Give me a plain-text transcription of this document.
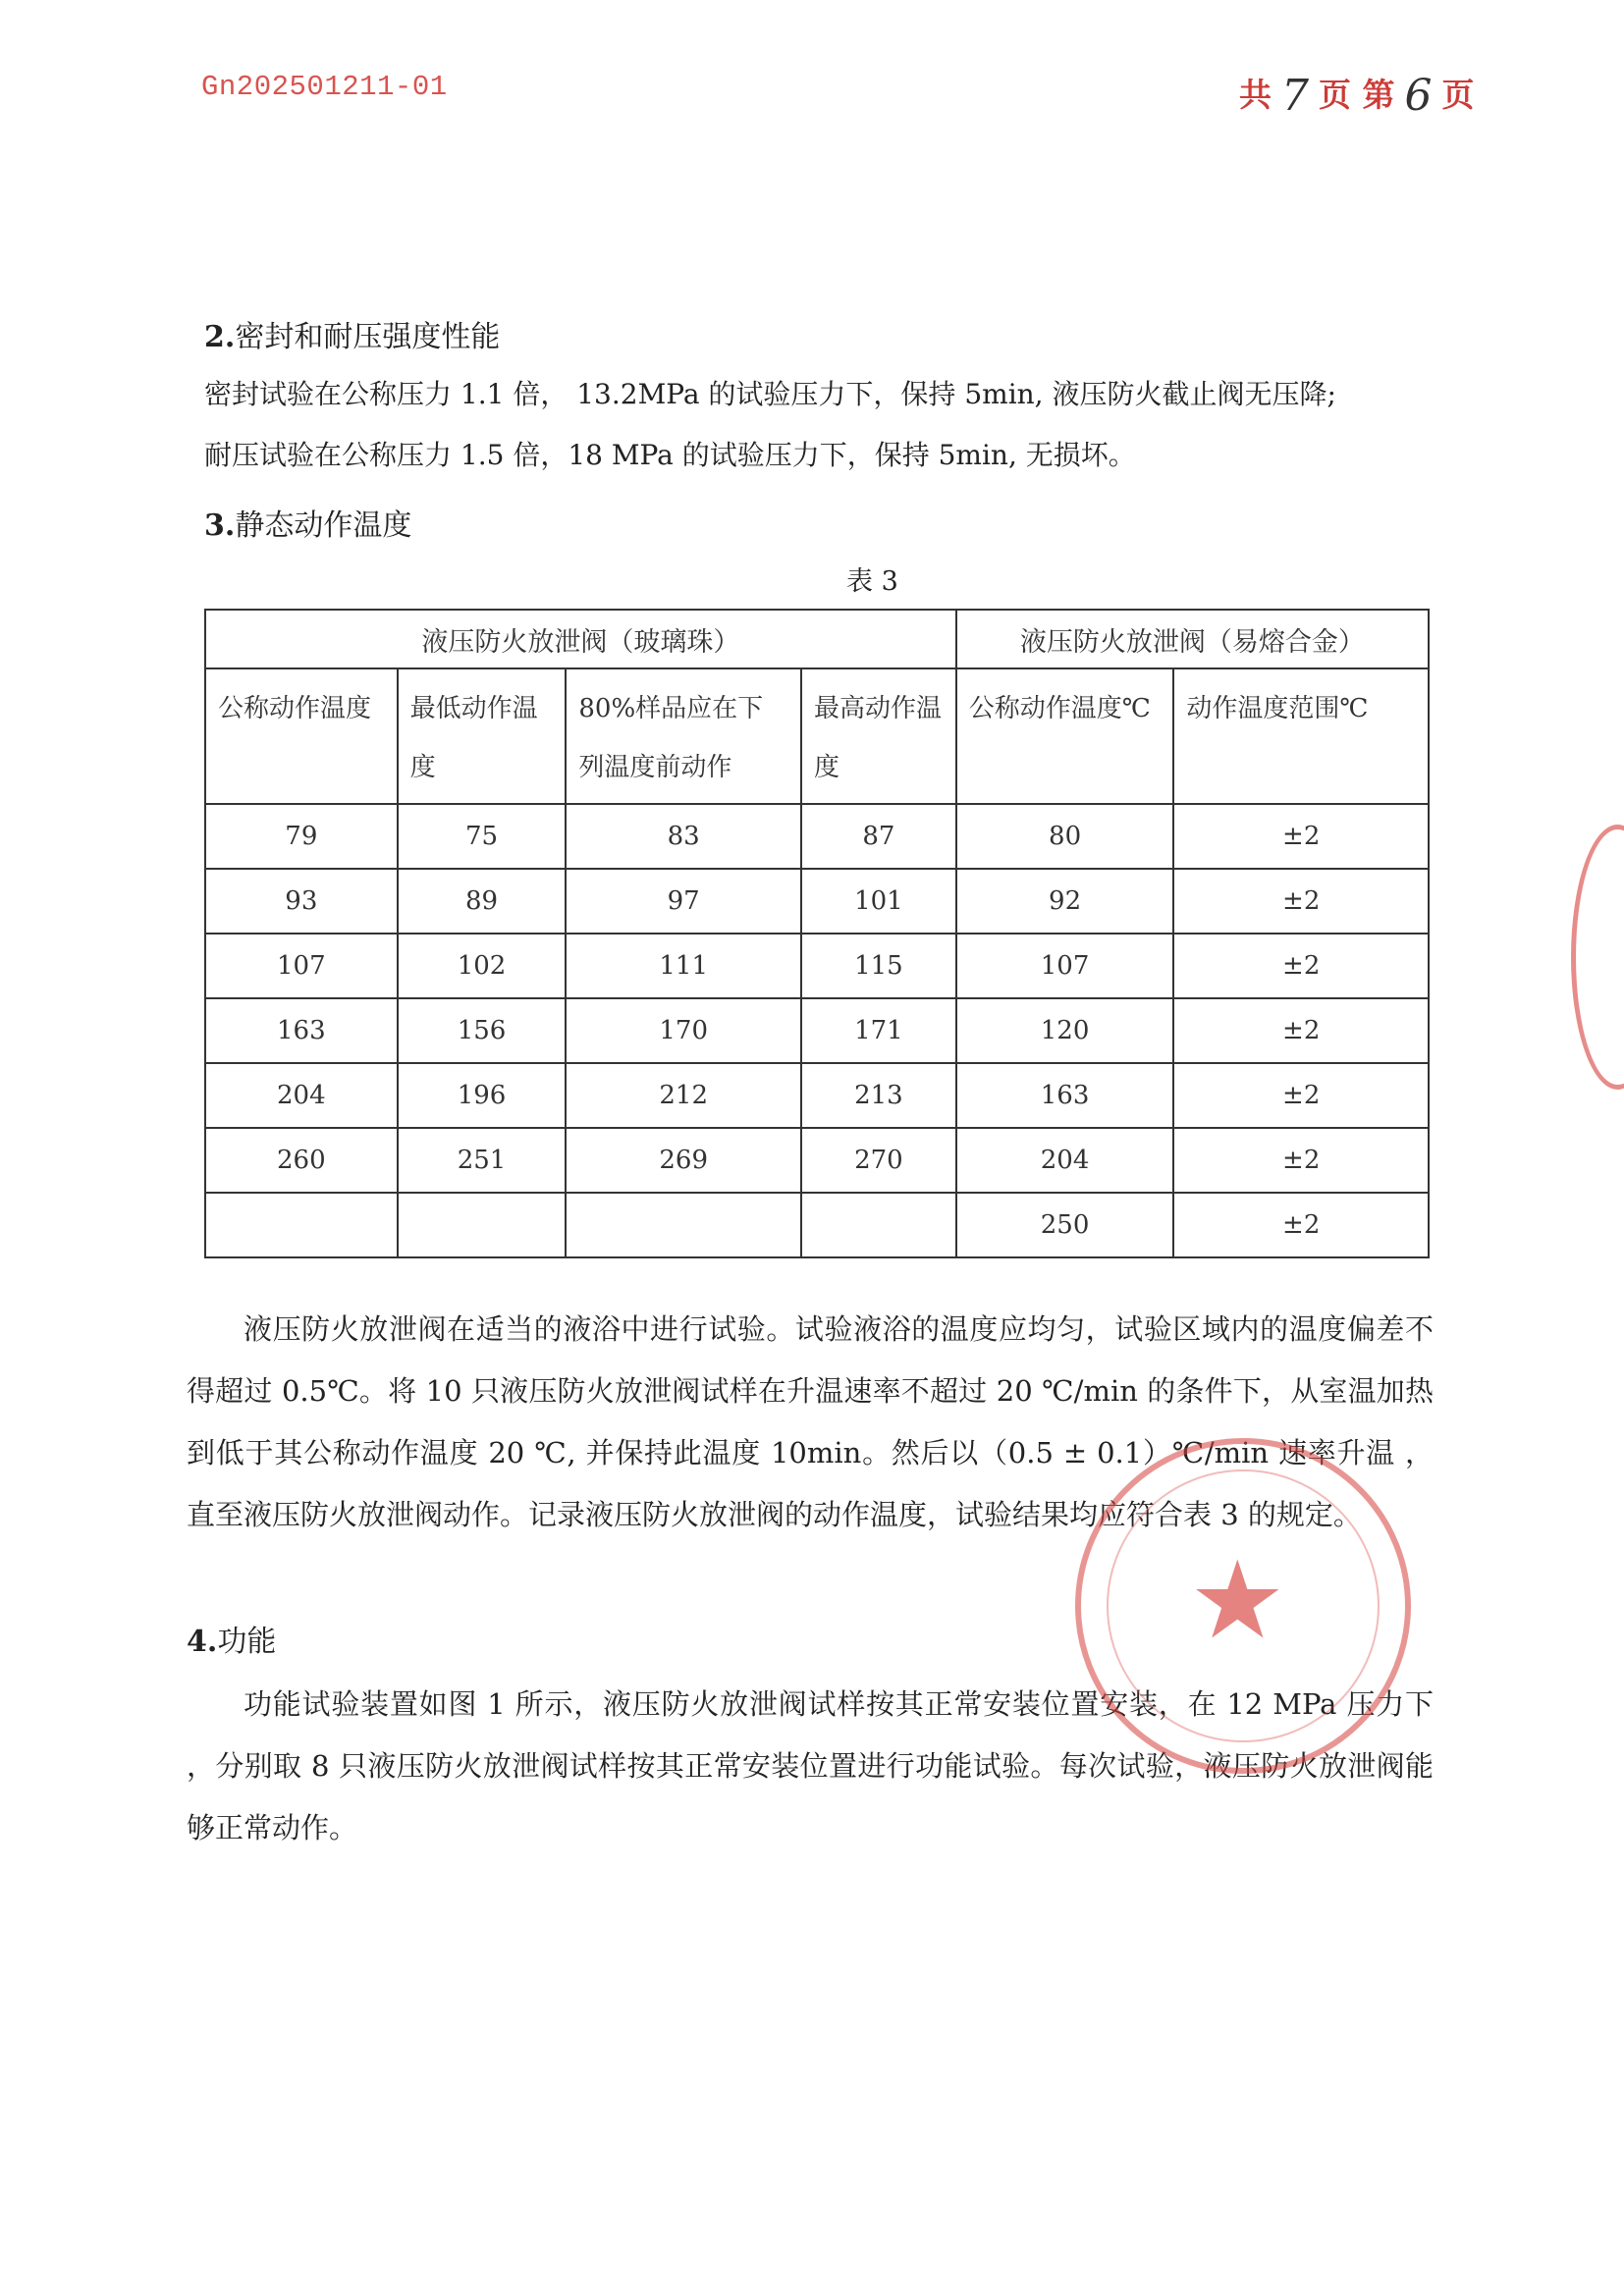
Gn202501211-01	共 7 页 第 6 页
2.密封和耐压强度性能
密封试验在公称压力 1.1 倍， 13.2MPa 的试验压力下，保持 5min, 液压防火截止阀无压降;
耐压试验在公称压力 1.5 倍，18 MPa 的试验压力下，保持 5min, 无损坏。
3.静态动作温度
表 3
液压防火放泄阀（玻璃珠）				液压防火放泄阀（易熔合金）	
公称动作温度	最低动作温度	80%样品应在下列温度前动作	最高动作温度	公称动作温度℃	动作温度范围℃
79	75	83	87	80	±2
93	89	97	101	92	±2
107	102	111	115	107	±2
163	156	170	171	120	±2
204	196	212	213	163	±2
260	251	269	270	204	±2
				250	±2

液压防火放泄阀在适当的液浴中进行试验。试验液浴的温度应均匀，试验区域内的温度偏差不得超过 0.5℃。将 10 只液压防火放泄阀试样在升温速率不超过 20 ℃/min 的条件下，从室温加热到低于其公称动作温度 20 ℃, 并保持此温度 10min。然后以（0.5 ± 0.1）℃/min 速率升温 ，直至液压防火放泄阀动作。记录液压防火放泄阀的动作温度，试验结果均应符合表 3 的规定。

4.功能

功能试验装置如图 1 所示，液压防火放泄阀试样按其正常安装位置安装，在 12 MPa 压力下 ，分别取 8 只液压防火放泄阀试样按其正常安装位置进行功能试验。每次试验，液压防火放泄阀能够正常动作。

★
